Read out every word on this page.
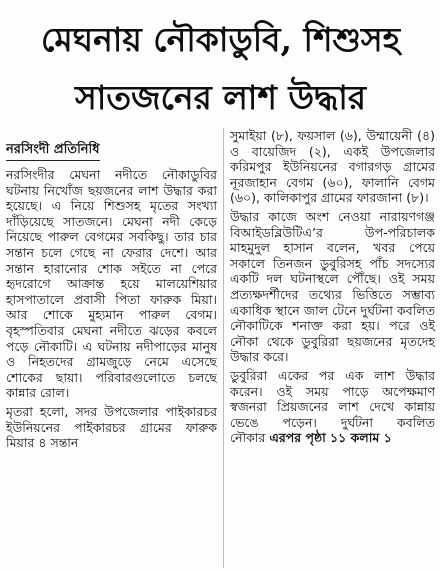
মেঘনায় নৌকাডুবি, শিশুসহ
সাতজনের লাশ উদ্ধার
নরসিংদী প্রতিনিধি

নরসিংদীর মেঘনা নদীতে নৌকাডুবির ঘটনায় নিখোঁজ ছয়জনের লাশ উদ্ধার করা হয়েছে। এ নিয়ে শিশুসহ মৃতের সংখ্যা দাঁড়িয়েছে সাতজনে। মেঘনা নদী কেড়ে নিয়েছে পারুল বেগমের সবকিছু। তার চার সন্তান চলে গেছে না ফেরার দেশে। আর সন্তান হারানোর শোক সইতে না পেরে হৃদরোগে আক্রান্ত হয়ে মালয়েশিয়ার হাসপাতালে প্রবাসী পিতা ফারুক মিয়া। আর শোকে মুহ্যমান পারুল বেগম। বৃহস্পতিবার মেঘনা নদীতে ঝড়ের কবলে পড়ে নৌকাটি। এ ঘটনায় নদীপাড়ের মানুষ ও নিহতদের গ্রামজুড়ে নেমে এসেছে শোকের ছায়া। পরিবারগুলোতে চলছে কান্নার রোল।

মৃতরা হলো, সদর উপজেলার পাইকারচর ইউনিয়নের পাইকারচর গ্রামের ফারুক মিয়ার ৪ সন্তান

সুমাইয়া (৮), ফয়সাল (৬), উম্মায়েনী (৪) ও বায়েজিদ (২), একই উপজেলার করিমপুর ইউনিয়নের বগারগড় গ্রামের নূরজাহান বেগম (৬০), ফালানি বেগম (৬০), কালিকাপুর গ্রামের ফারজানা (৮)।

উদ্ধার কাজে অংশ নেওয়া নারায়ণগঞ্জ বিআইডব্লিউটিএ’র উপ-পরিচালক মাহমুদুল হাসান বলেন, খবর পেয়ে সকালে তিনজন ডুবুরিসহ পাঁচ সদস্যের একটি দল ঘটনাস্থলে পৌঁছে। ওই সময় প্রত্যক্ষদর্শীদের তথ্যের ভিত্তিতে সম্ভাব্য একাধিক স্থানে জাল টেনে দুর্ঘটনা কবলিত নৌকাটিকে শনাক্ত করা হয়। পরে ওই নৌকা থেকে ডুবুরিরা ছয়জনের মৃতদেহ উদ্ধার করে।

ডুবুরিরা একের পর এক লাশ উদ্ধার করেন। ওই সময় পাড়ে অপেক্ষমাণ স্বজনরা প্রিয়জনের লাশ দেখে কান্নায় ভেঙে পড়েন। দুর্ঘটনা কবলিত নৌকার এরপর পৃষ্ঠা ১১ কলাম ১
